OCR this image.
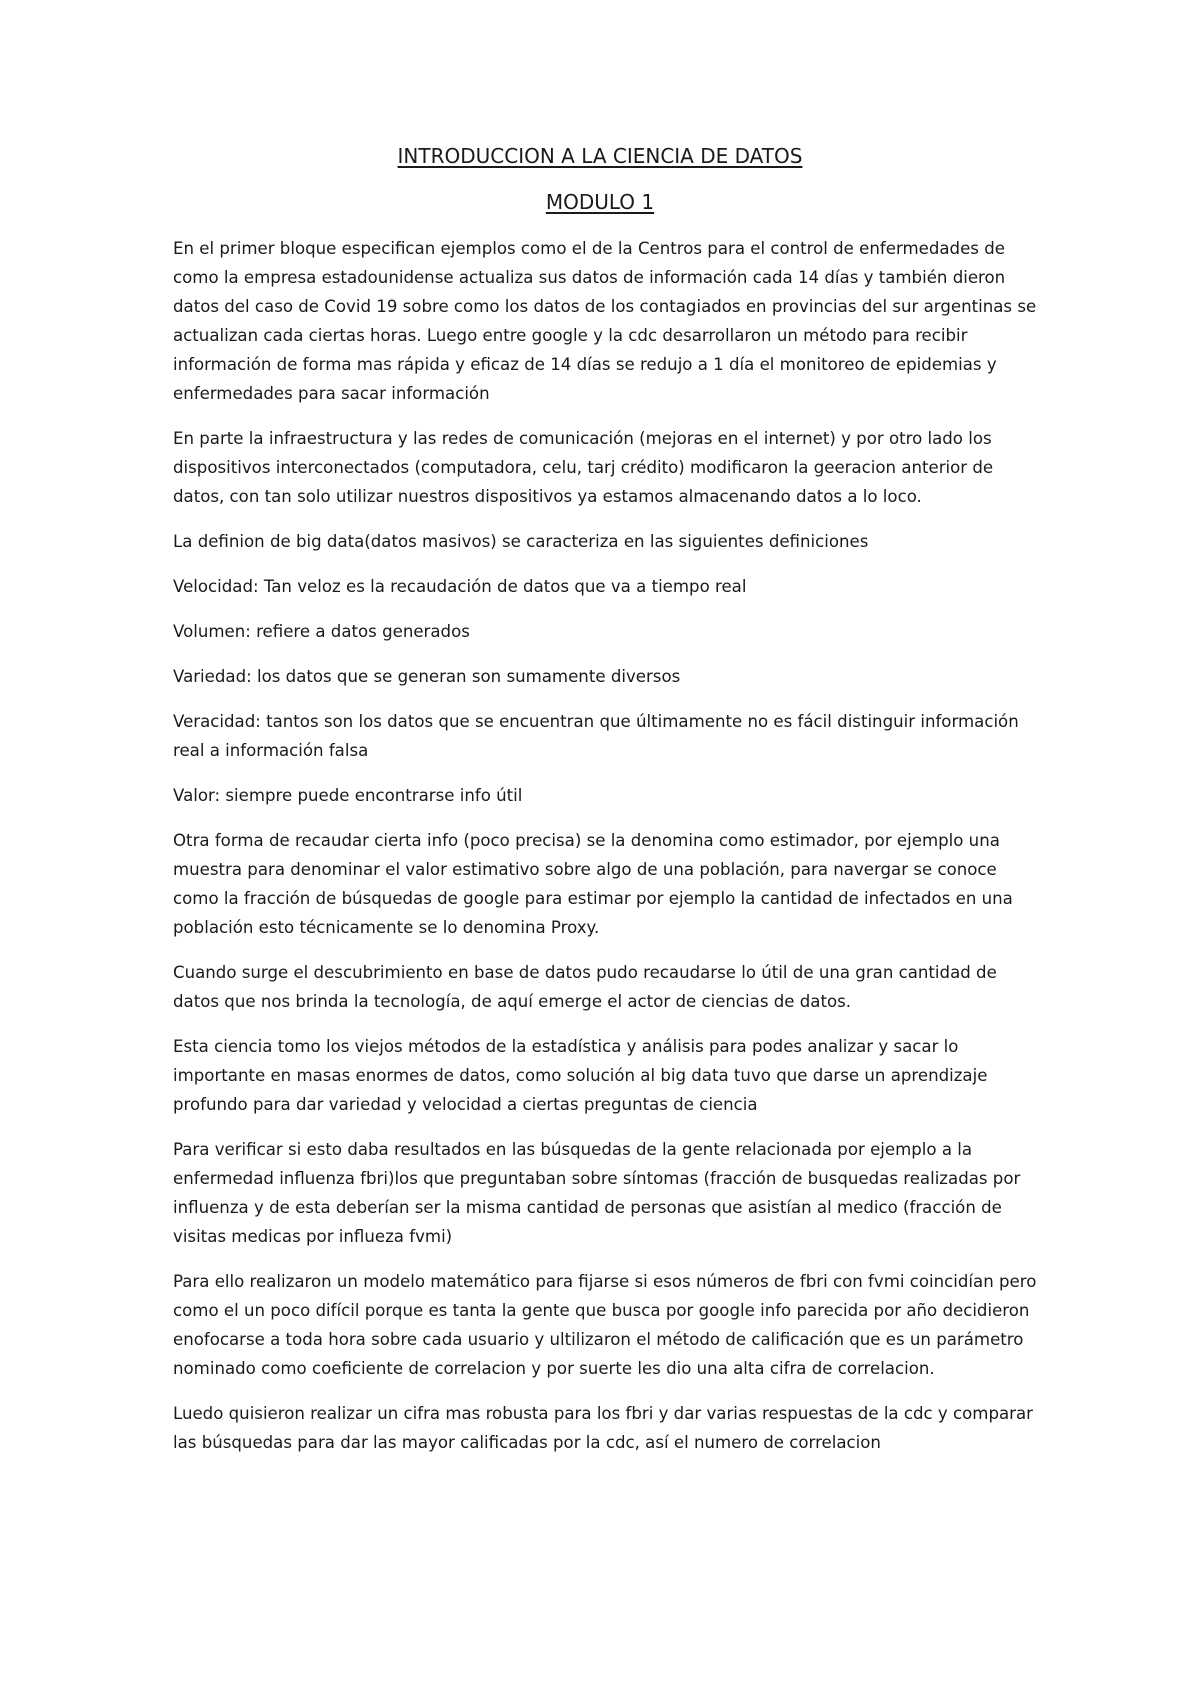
INTRODUCCION A LA CIENCIA DE DATOS
MODULO 1

En el primer bloque especifican ejemplos como el de la Centros para el control de enfermedades de como la empresa estadounidense actualiza sus datos de información cada 14 días y también dieron datos del caso de Covid 19 sobre como los datos de los contagiados en provincias del sur argentinas se actualizan cada ciertas horas. Luego entre google y la cdc desarrollaron un método para recibir información de forma mas rápida y eficaz de 14 días se redujo a 1 día el monitoreo de epidemias y enfermedades para sacar información

En parte la infraestructura y las redes de comunicación (mejoras en el internet) y por otro lado los dispositivos interconectados (computadora, celu, tarj crédito) modificaron la geeracion anterior de datos, con tan solo utilizar nuestros dispositivos ya estamos almacenando datos a lo loco.

La definion de big data(datos masivos) se caracteriza en las siguientes definiciones

Velocidad: Tan veloz es la recaudación de datos que va a tiempo real

Volumen: refiere a datos generados

Variedad: los datos que se generan son sumamente diversos

Veracidad: tantos son los datos que se encuentran que últimamente no es fácil distinguir información real a información falsa

Valor: siempre puede encontrarse info útil

Otra forma de recaudar cierta info (poco precisa) se la denomina como estimador, por ejemplo una muestra para denominar el valor estimativo sobre algo de una población, para navergar se conoce como la fracción de búsquedas de google para estimar por ejemplo la cantidad de infectados en una población esto técnicamente se lo denomina Proxy.

Cuando surge el descubrimiento en base de datos pudo recaudarse lo útil de una gran cantidad de datos que nos brinda la tecnología, de aquí emerge el actor de ciencias de datos.

Esta ciencia tomo los viejos métodos de la estadística y análisis para podes analizar y sacar lo importante en masas enormes de datos, como solución al big data tuvo que darse un aprendizaje profundo para dar variedad y velocidad a ciertas preguntas de ciencia

Para verificar si esto daba resultados en las búsquedas de la gente relacionada por ejemplo a la enfermedad influenza fbri)los que preguntaban sobre síntomas (fracción de busquedas realizadas por influenza y de esta deberían ser la misma cantidad de personas que asistían al medico (fracción de visitas medicas por influeza fvmi)

Para ello realizaron un modelo matemático para fijarse si esos números de fbri con fvmi coincidían pero como el un poco difícil porque es tanta la gente que busca por google info parecida por año decidieron enofocarse a toda hora sobre cada usuario y ultilizaron el método de calificación que es un parámetro nominado como coeficiente de correlacion y por suerte les dio una alta cifra de correlacion.

Luedo quisieron realizar un cifra mas robusta para los fbri y dar varias respuestas de la cdc y comparar las búsquedas para dar las mayor calificadas por la cdc, así el numero de correlacion
